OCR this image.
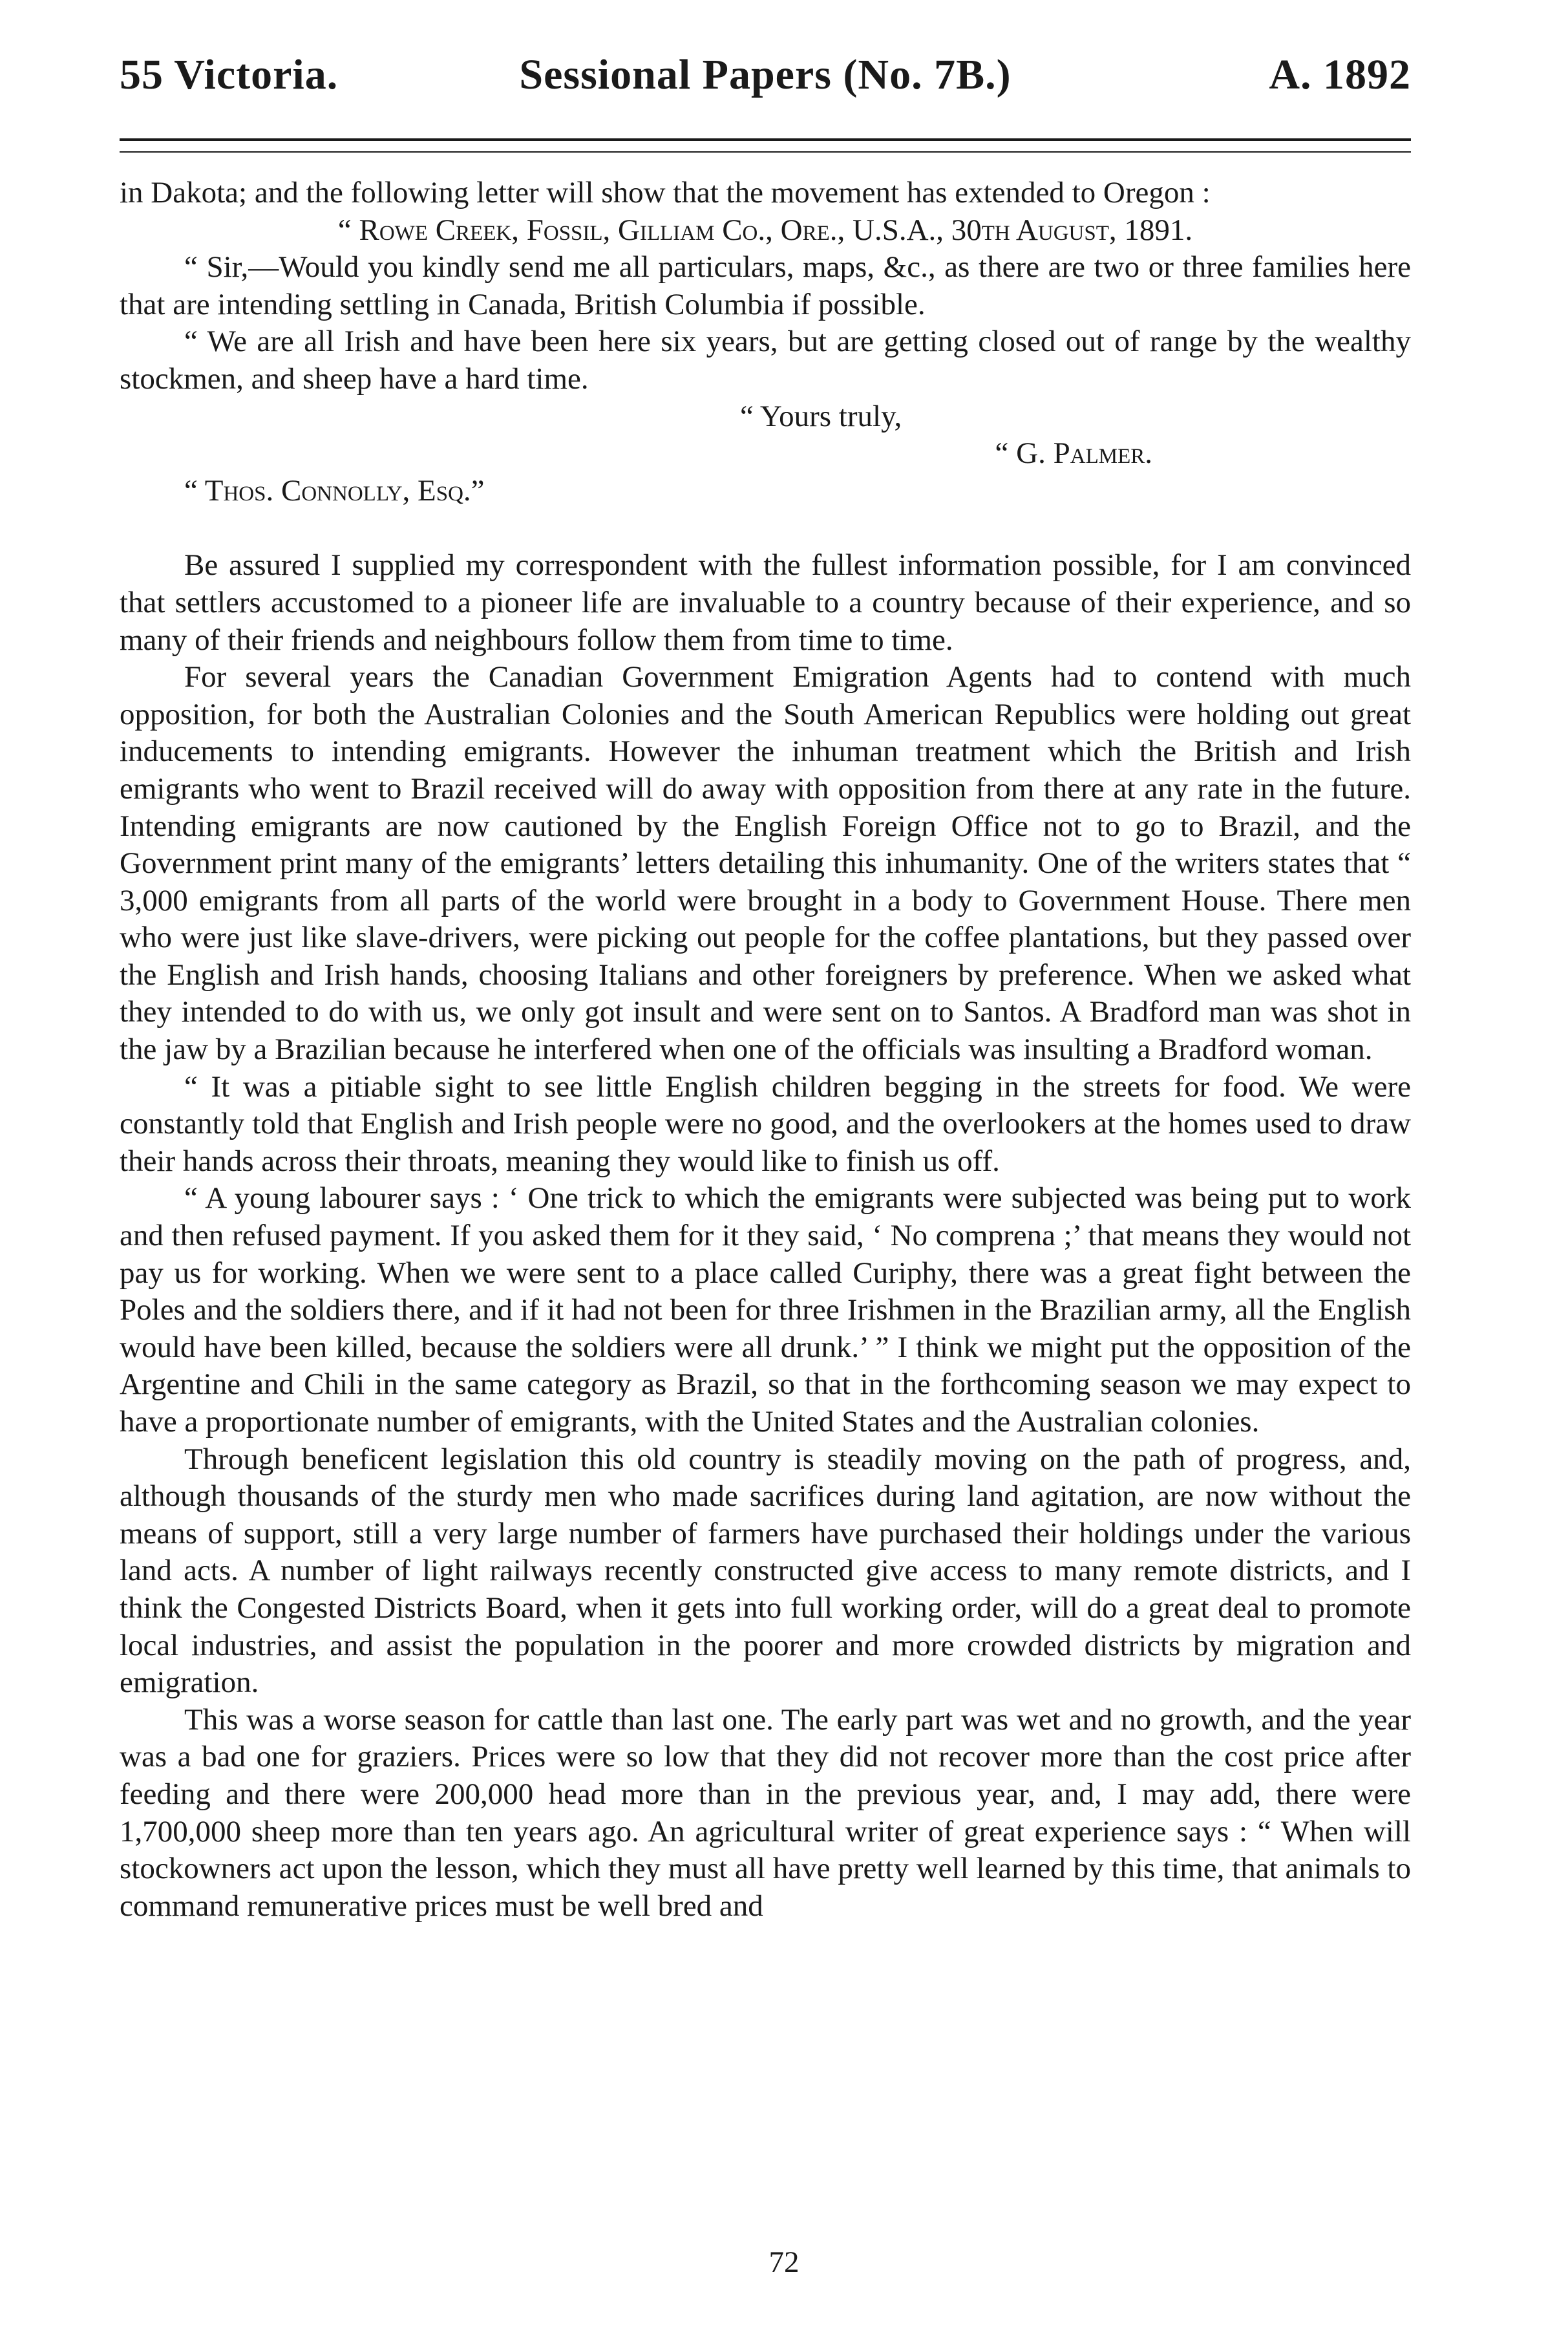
55 Victoria.	Sessional Papers (No. 7B.)	A. 1892

in Dakota; and the following letter will show that the movement has extended to Oregon :

“ Rowe Creek, Fossil, Gilliam Co., Ore., U.S.A., 30th August, 1891.

“ Sir,—Would you kindly send me all particulars, maps, &c., as there are two or three families here that are intending settling in Canada, British Columbia if possible.

“ We are all Irish and have been here six years, but are getting closed out of range by the wealthy stockmen, and sheep have a hard time.

“ Yours truly,

“ G. Palmer.

“ Thos. Connolly, Esq.”

Be assured I supplied my correspondent with the fullest information possible, for I am convinced that settlers accustomed to a pioneer life are invaluable to a country because of their experience, and so many of their friends and neighbours follow them from time to time.

For several years the Canadian Government Emigration Agents had to contend with much opposition, for both the Australian Colonies and the South American Republics were holding out great inducements to intending emigrants. However the inhuman treatment which the British and Irish emigrants who went to Brazil received will do away with opposition from there at any rate in the future. Intending emigrants are now cautioned by the English Foreign Office not to go to Brazil, and the Government print many of the emigrants’ letters detailing this inhumanity. One of the writers states that “ 3,000 emigrants from all parts of the world were brought in a body to Government House. There men who were just like slave-drivers, were picking out people for the coffee plantations, but they passed over the English and Irish hands, choosing Italians and other foreigners by preference. When we asked what they intended to do with us, we only got insult and were sent on to Santos. A Bradford man was shot in the jaw by a Brazilian because he interfered when one of the officials was insulting a Bradford woman.

“ It was a pitiable sight to see little English children begging in the streets for food. We were constantly told that English and Irish people were no good, and the overlookers at the homes used to draw their hands across their throats, meaning they would like to finish us off.

“ A young labourer says : ‘ One trick to which the emigrants were subjected was being put to work and then refused payment. If you asked them for it they said, ‘ No comprena ;’ that means they would not pay us for working. When we were sent to a place called Curiphy, there was a great fight between the Poles and the soldiers there, and if it had not been for three Irishmen in the Brazilian army, all the English would have been killed, because the soldiers were all drunk.’ ” I think we might put the opposition of the Argentine and Chili in the same category as Brazil, so that in the forthcoming season we may expect to have a proportionate number of emigrants, with the United States and the Australian colonies.

Through beneficent legislation this old country is steadily moving on the path of progress, and, although thousands of the sturdy men who made sacrifices during land agitation, are now without the means of support, still a very large number of farmers have purchased their holdings under the various land acts. A number of light railways recently constructed give access to many remote districts, and I think the Congested Districts Board, when it gets into full working order, will do a great deal to promote local industries, and assist the population in the poorer and more crowded districts by migration and emigration.

This was a worse season for cattle than last one. The early part was wet and no growth, and the year was a bad one for graziers. Prices were so low that they did not recover more than the cost price after feeding and there were 200,000 head more than in the previous year, and, I may add, there were 1,700,000 sheep more than ten years ago. An agricultural writer of great experience says : “ When will stockowners act upon the lesson, which they must all have pretty well learned by this time, that animals to command remunerative prices must be well bred and

72
